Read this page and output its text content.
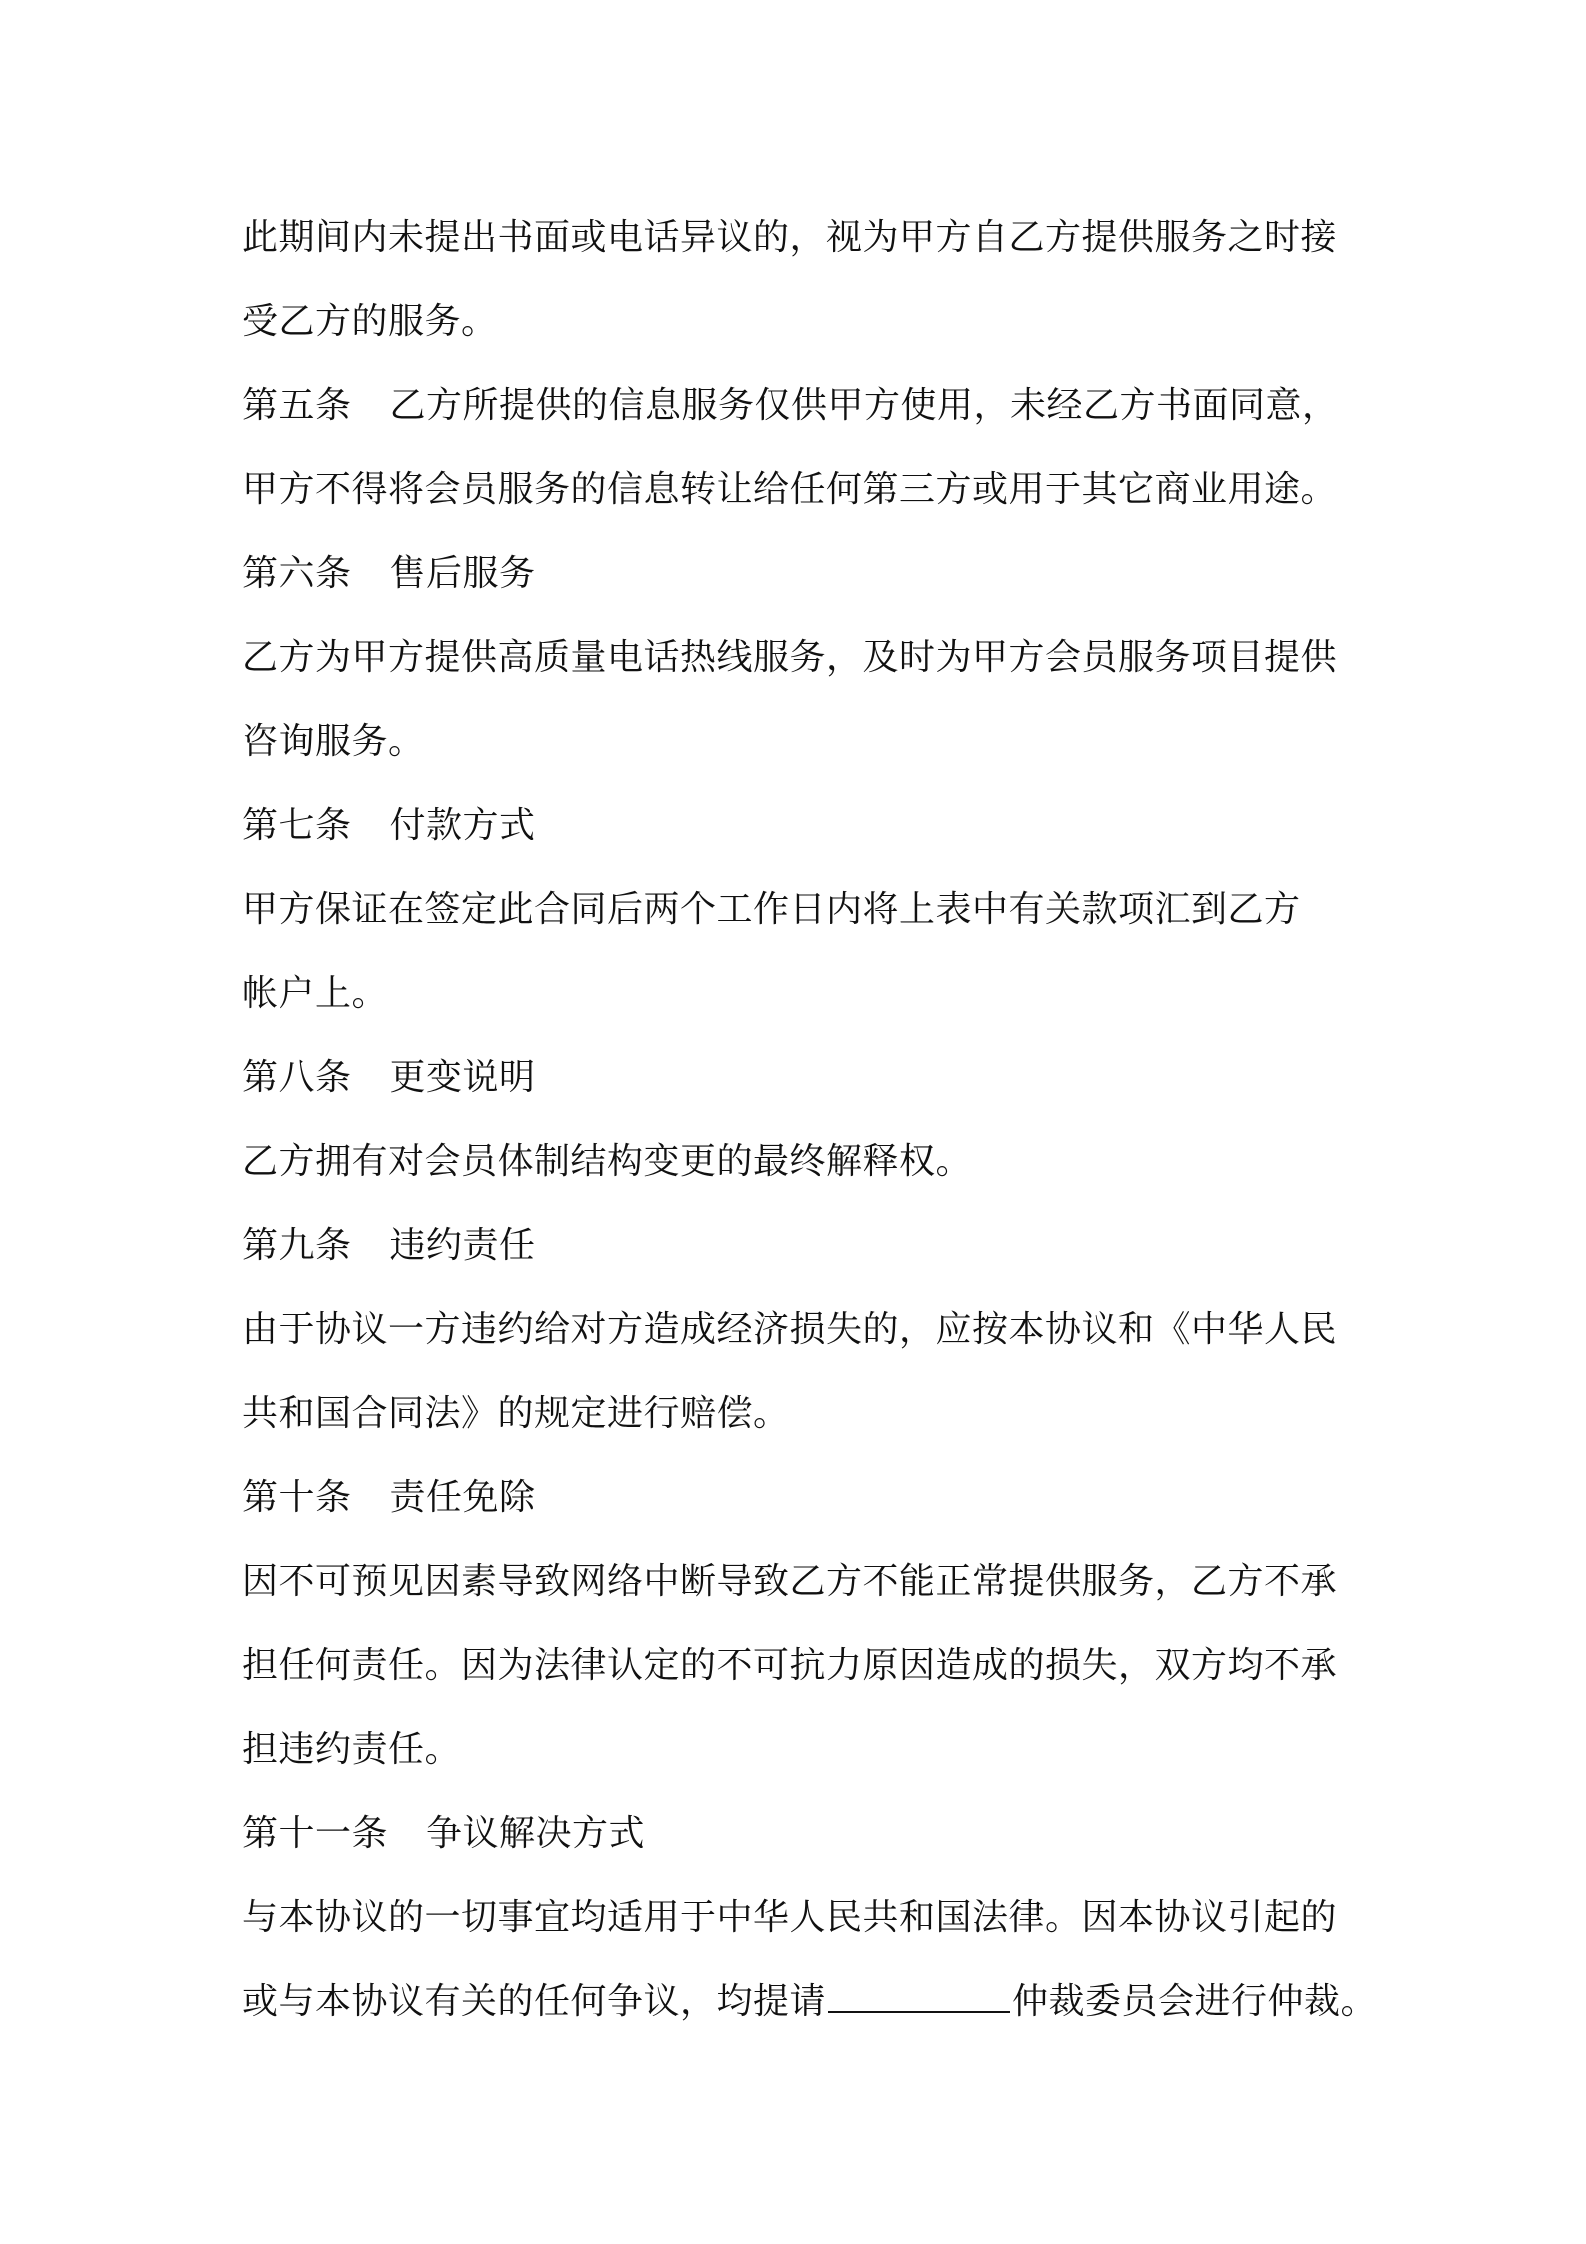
此期间内未提出书面或电话异议的，视为甲方自乙方提供服务之时接
受乙方的服务。
第五条 乙方所提供的信息服务仅供甲方使用，未经乙方书面同意，
甲方不得将会员服务的信息转让给任何第三方或用于其它商业用途。
第六条 售后服务
乙方为甲方提供高质量电话热线服务，及时为甲方会员服务项目提供
咨询服务。
第七条 付款方式
甲方保证在签定此合同后两个工作日内将上表中有关款项汇到乙方
帐户上。
第八条 更变说明
乙方拥有对会员体制结构变更的最终解释权。
第九条 违约责任
由于协议一方违约给对方造成经济损失的，应按本协议和《中华人民
共和国合同法》的规定进行赔偿。
第十条 责任免除
因不可预见因素导致网络中断导致乙方不能正常提供服务，乙方不承
担任何责任。因为法律认定的不可抗力原因造成的损失，双方均不承
担违约责任。
第十一条 争议解决方式
与本协议的一切事宜均适用于中华人民共和国法律。因本协议引起的
或与本协议有关的任何争议，均提请	仲裁委员会进行仲裁。
